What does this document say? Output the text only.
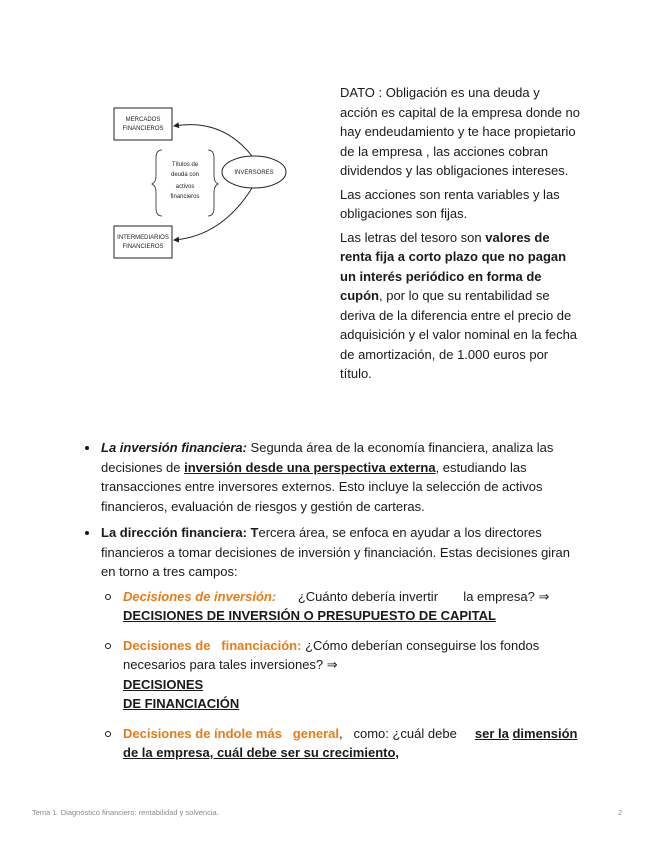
MERCADOS
FINANCIEROS
INTERMEDIARIOS
FINANCIEROS
INVERSORES
Títulos de
deuda con
activos
financieros

DATO : Obligación es una deuda y acción es capital de la empresa donde no hay endeudamiento y te hace propietario de la empresa , las acciones cobran dividendos y las obligaciones intereses.

Las acciones son renta variables y las obligaciones son fijas.

Las letras del tesoro son valores de renta fija a corto plazo que no pagan un interés periódico en forma de cupón, por lo que su rentabilidad se deriva de la diferencia entre el precio de adquisición y el valor nominal en la fecha de amortización, de 1.000 euros por título.

La inversión financiera: Segunda área de la economía financiera, analiza las decisiones de inversión desde una perspectiva externa, estudiando las transacciones entre inversores externos. Esto incluye la selección de activos financieros, evaluación de riesgos y gestión de carteras.
La dirección financiera: Tercera área, se enfoca en ayudar a los directores financieros a tomar decisiones de inversión y financiación. Estas decisiones giran en torno a tres campos:
Decisiones de inversión:      ¿Cuánto debería invertir       la empresa? ⇒
DECISIONES DE INVERSIÓN O PRESUPUESTO DE CAPITAL
Decisiones de   financiación: ¿Cómo deberían conseguirse los fondos necesarios para tales inversiones? ⇒
DECISIONES
DE FINANCIACIÓN
Decisiones de índole más   general,   como: ¿cuál debe     ser la dimensión de la empresa, cuál debe ser su crecimiento,
Tema 1. Diagnóstico financiero: rentabilidad y solvencia.	2
